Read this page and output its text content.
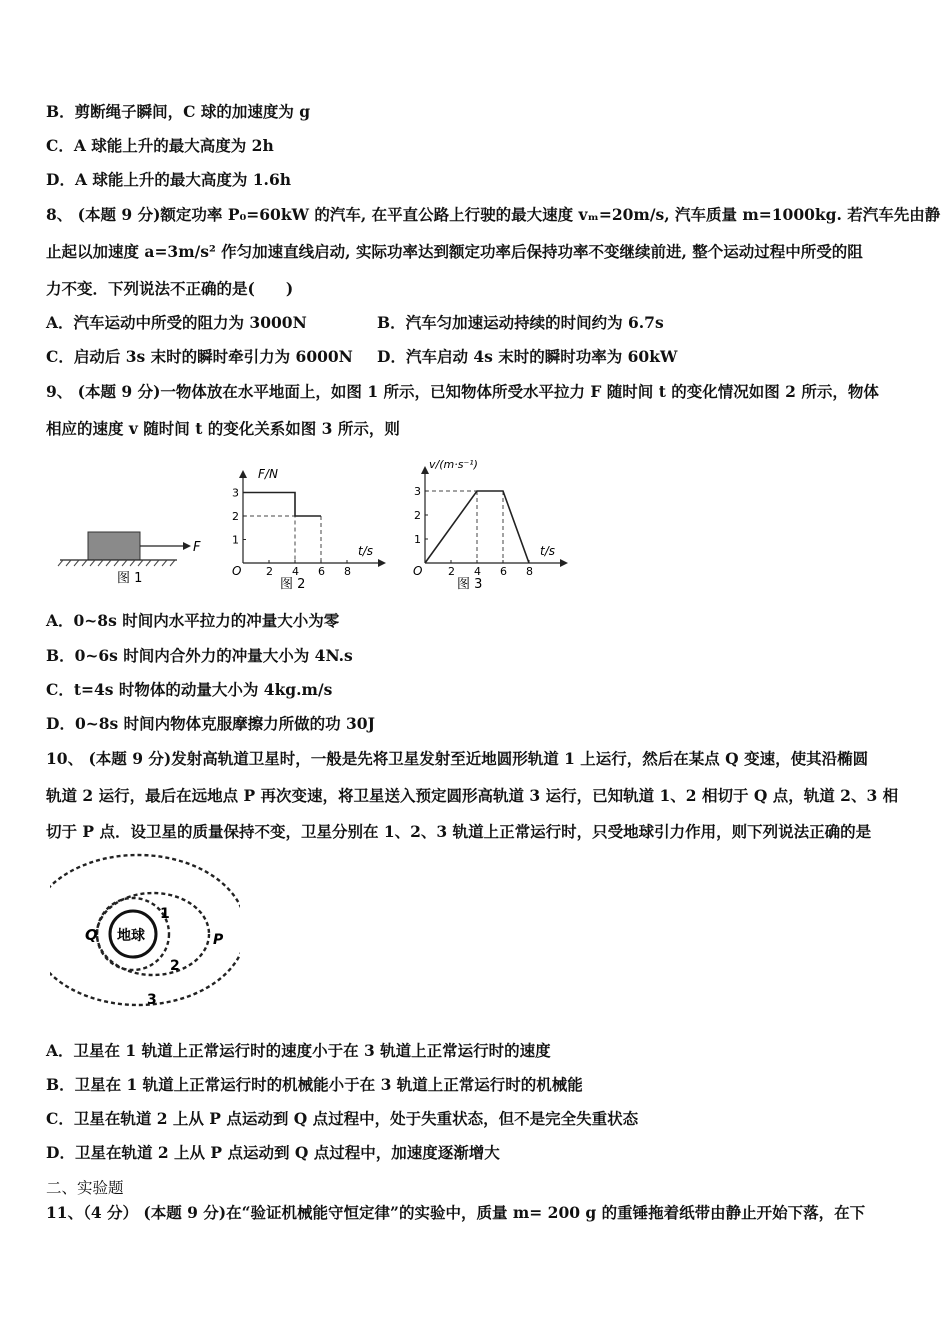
B．剪断绳子瞬间，C 球的加速度为 g
C．A 球能上升的最大高度为 2h
D．A 球能上升的最大高度为 1.6h
8、 (本题 9 分)额定功率 P₀=60kW 的汽车, 在平直公路上行驶的最大速度 vₘ=20m/s, 汽车质量 m=1000kg. 若汽车先由静
止起以加速度 a=3m/s² 作匀加速直线启动, 实际功率达到额定功率后保持功率不变继续前进, 整个运动过程中所受的阻
力不变．下列说法不正确的是(　　)
A．汽车运动中所受的阻力为 3000N	B．汽车匀加速运动持续的时间约为 6.7s
C．启动后 3s 末时的瞬时牵引力为 6000N D．汽车启动 4s 末时的瞬时功率为 60kW
9、 (本题 9 分)一物体放在水平地面上，如图 1 所示，已知物体所受水平拉力 F 随时间 t 的变化情况如图 2 所示，物体
相应的速度 v 随时间 t 的变化关系如图 3 所示，则
F
图 1
F/N
t/s
O 2 4 6 8
1
2
3
图 2
v/(m·s⁻¹)
t/s
O 2 4 6 8
1
2
3
图 3
A．0~8s 时间内水平拉力的冲量大小为零
B．0~6s 时间内合外力的冲量大小为 4N.s
C．t=4s 时物体的动量大小为 4kg.m/s
D．0~8s 时间内物体克服摩擦力所做的功 30J
10、 (本题 9 分)发射高轨道卫星时，一般是先将卫星发射至近地圆形轨道 1 上运行，然后在某点 Q 变速，使其沿椭圆
轨道 2 运行，最后在远地点 P 再次变速，将卫星送入预定圆形高轨道 3 运行，已知轨道 1、2 相切于 Q 点，轨道 2、3 相
切于 P 点．设卫星的质量保持不变，卫星分别在 1、2、3 轨道上正常运行时，只受地球引力作用，则下列说法正确的是
地球
Q	P
1
2
3
A．卫星在 1 轨道上正常运行时的速度小于在 3 轨道上正常运行时的速度
B．卫星在 1 轨道上正常运行时的机械能小于在 3 轨道上正常运行时的机械能
C．卫星在轨道 2 上从 P 点运动到 Q 点过程中，处于失重状态，但不是完全失重状态
D．卫星在轨道 2 上从 P 点运动到 Q 点过程中，加速度逐渐增大
二、实验题
11、（4 分） (本题 9 分)在“验证机械能守恒定律”的实验中，质量 m= 200 g 的重锤拖着纸带由静止开始下落，在下
